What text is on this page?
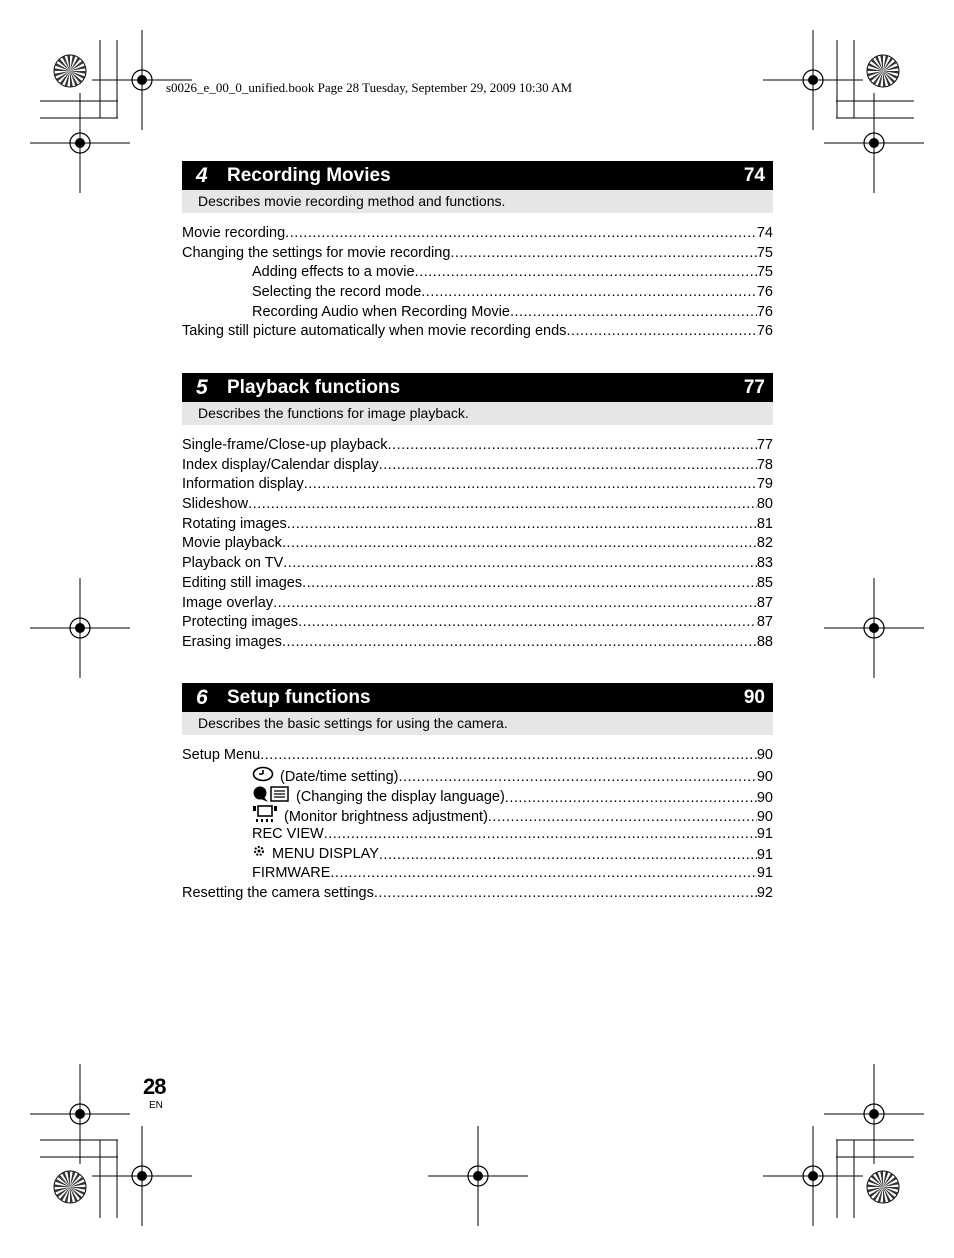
s0026_e_00_0_unified.book Page 28 Tuesday, September 29, 2009 10:30 AM
4 Recording Movies	74
Describes movie recording method and functions.
Movie recording .....	74
Changing the settings for movie recording .....	75
Adding effects to a movie .....	75
Selecting the record mode .....	76
Recording Audio when Recording Movie .....	76
Taking still picture automatically when movie recording ends .....	76
5 Playback functions	77
Describes the functions for image playback.
Single-frame/Close-up playback .....	77
Index display/Calendar display .....	78
Information display .....	79
Slideshow .....	80
Rotating images .....	81
Movie playback .....	82
Playback on TV .....	83
Editing still images .....	85
Image overlay .....	87
Protecting images .....	87
Erasing images .....	88
6 Setup functions	90
Describes the basic settings for using the camera.
Setup Menu .....	90
(Date/time setting) .....	90
(Changing the display language) .....	90
(Monitor brightness adjustment) .....	90
REC VIEW .....	91
MENU DISPLAY .....	91
FIRMWARE .....	91
Resetting the camera settings .....	92
28
EN
